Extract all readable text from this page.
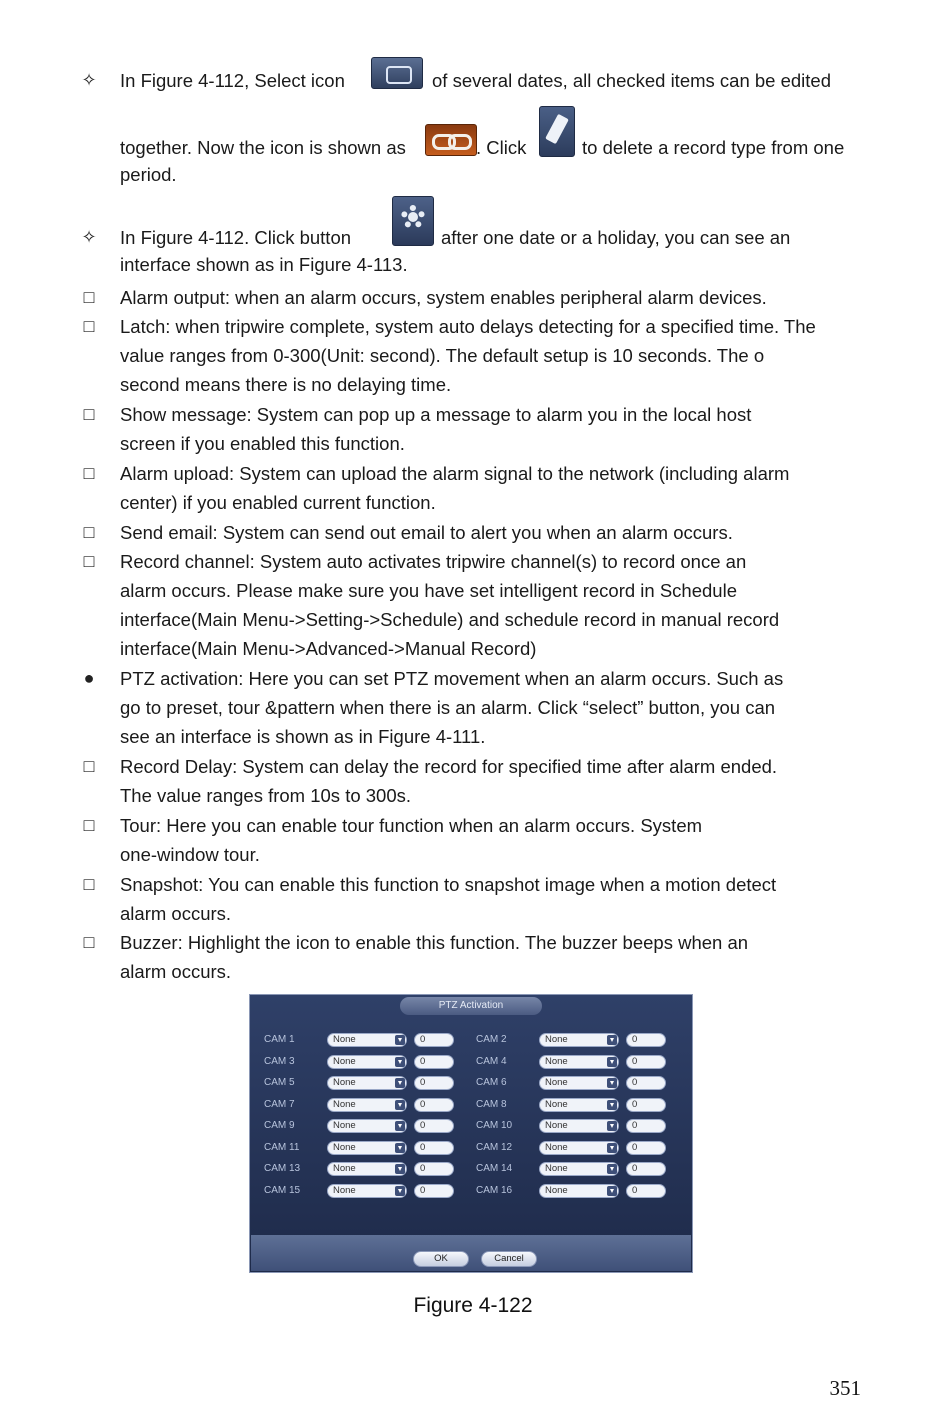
✧ In Figure 4-112, Select icon	of several dates, all checked items can be edited
together. Now the icon is shown as	. Click	to delete a record type from one
period.
✧ In Figure 4-112. Click button	after one date or a holiday, you can see an
interface shown as in Figure 4-113.
□ Alarm output: when an alarm occurs, system enables peripheral alarm devices.
□ Latch: when tripwire complete, system auto delays detecting for a specified time. The
value ranges from 0-300(Unit: second). The default setup is 10 seconds. The o
second means there is no delaying time.
□ Show message: System can pop up a message to alarm you in the local host
screen if you enabled this function.
□ Alarm upload: System can upload the alarm signal to the network (including alarm
center) if you enabled current function.
□ Send email: System can send out email to alert you when an alarm occurs.
□ Record channel: System auto activates tripwire channel(s) to record once an
alarm occurs. Please make sure you have set intelligent record in Schedule
interface(Main Menu->Setting->Schedule) and schedule record in manual record
interface(Main Menu->Advanced->Manual Record)
● PTZ activation: Here you can set PTZ movement when an alarm occurs. Such as
go to preset, tour &pattern when there is an alarm. Click “select” button, you can
see an interface is shown as in Figure 4-111.
□ Record Delay: System can delay the record for specified time after alarm ended.
The value ranges from 10s to 300s.
□ Tour: Here you can enable tour function when an alarm occurs. System
one-window tour.
□ Snapshot: You can enable this function to snapshot image when a motion detect
alarm occurs.
□ Buzzer: Highlight the icon to enable this function. The buzzer beeps when an
alarm occurs.
PTZ Activation
CAM 1	None	0	CAM 2	None	0
CAM 3	None	0	CAM 4	None	0
CAM 5	None	0	CAM 6	None	0
CAM 7	None	0	CAM 8	None	0
CAM 9	None	0	CAM 10	None	0
CAM 11	None	0	CAM 12	None	0
CAM 13	None	0	CAM 14	None	0
CAM 15	None	0	CAM 16	None	0
OK	Cancel
Figure 4-122
351
